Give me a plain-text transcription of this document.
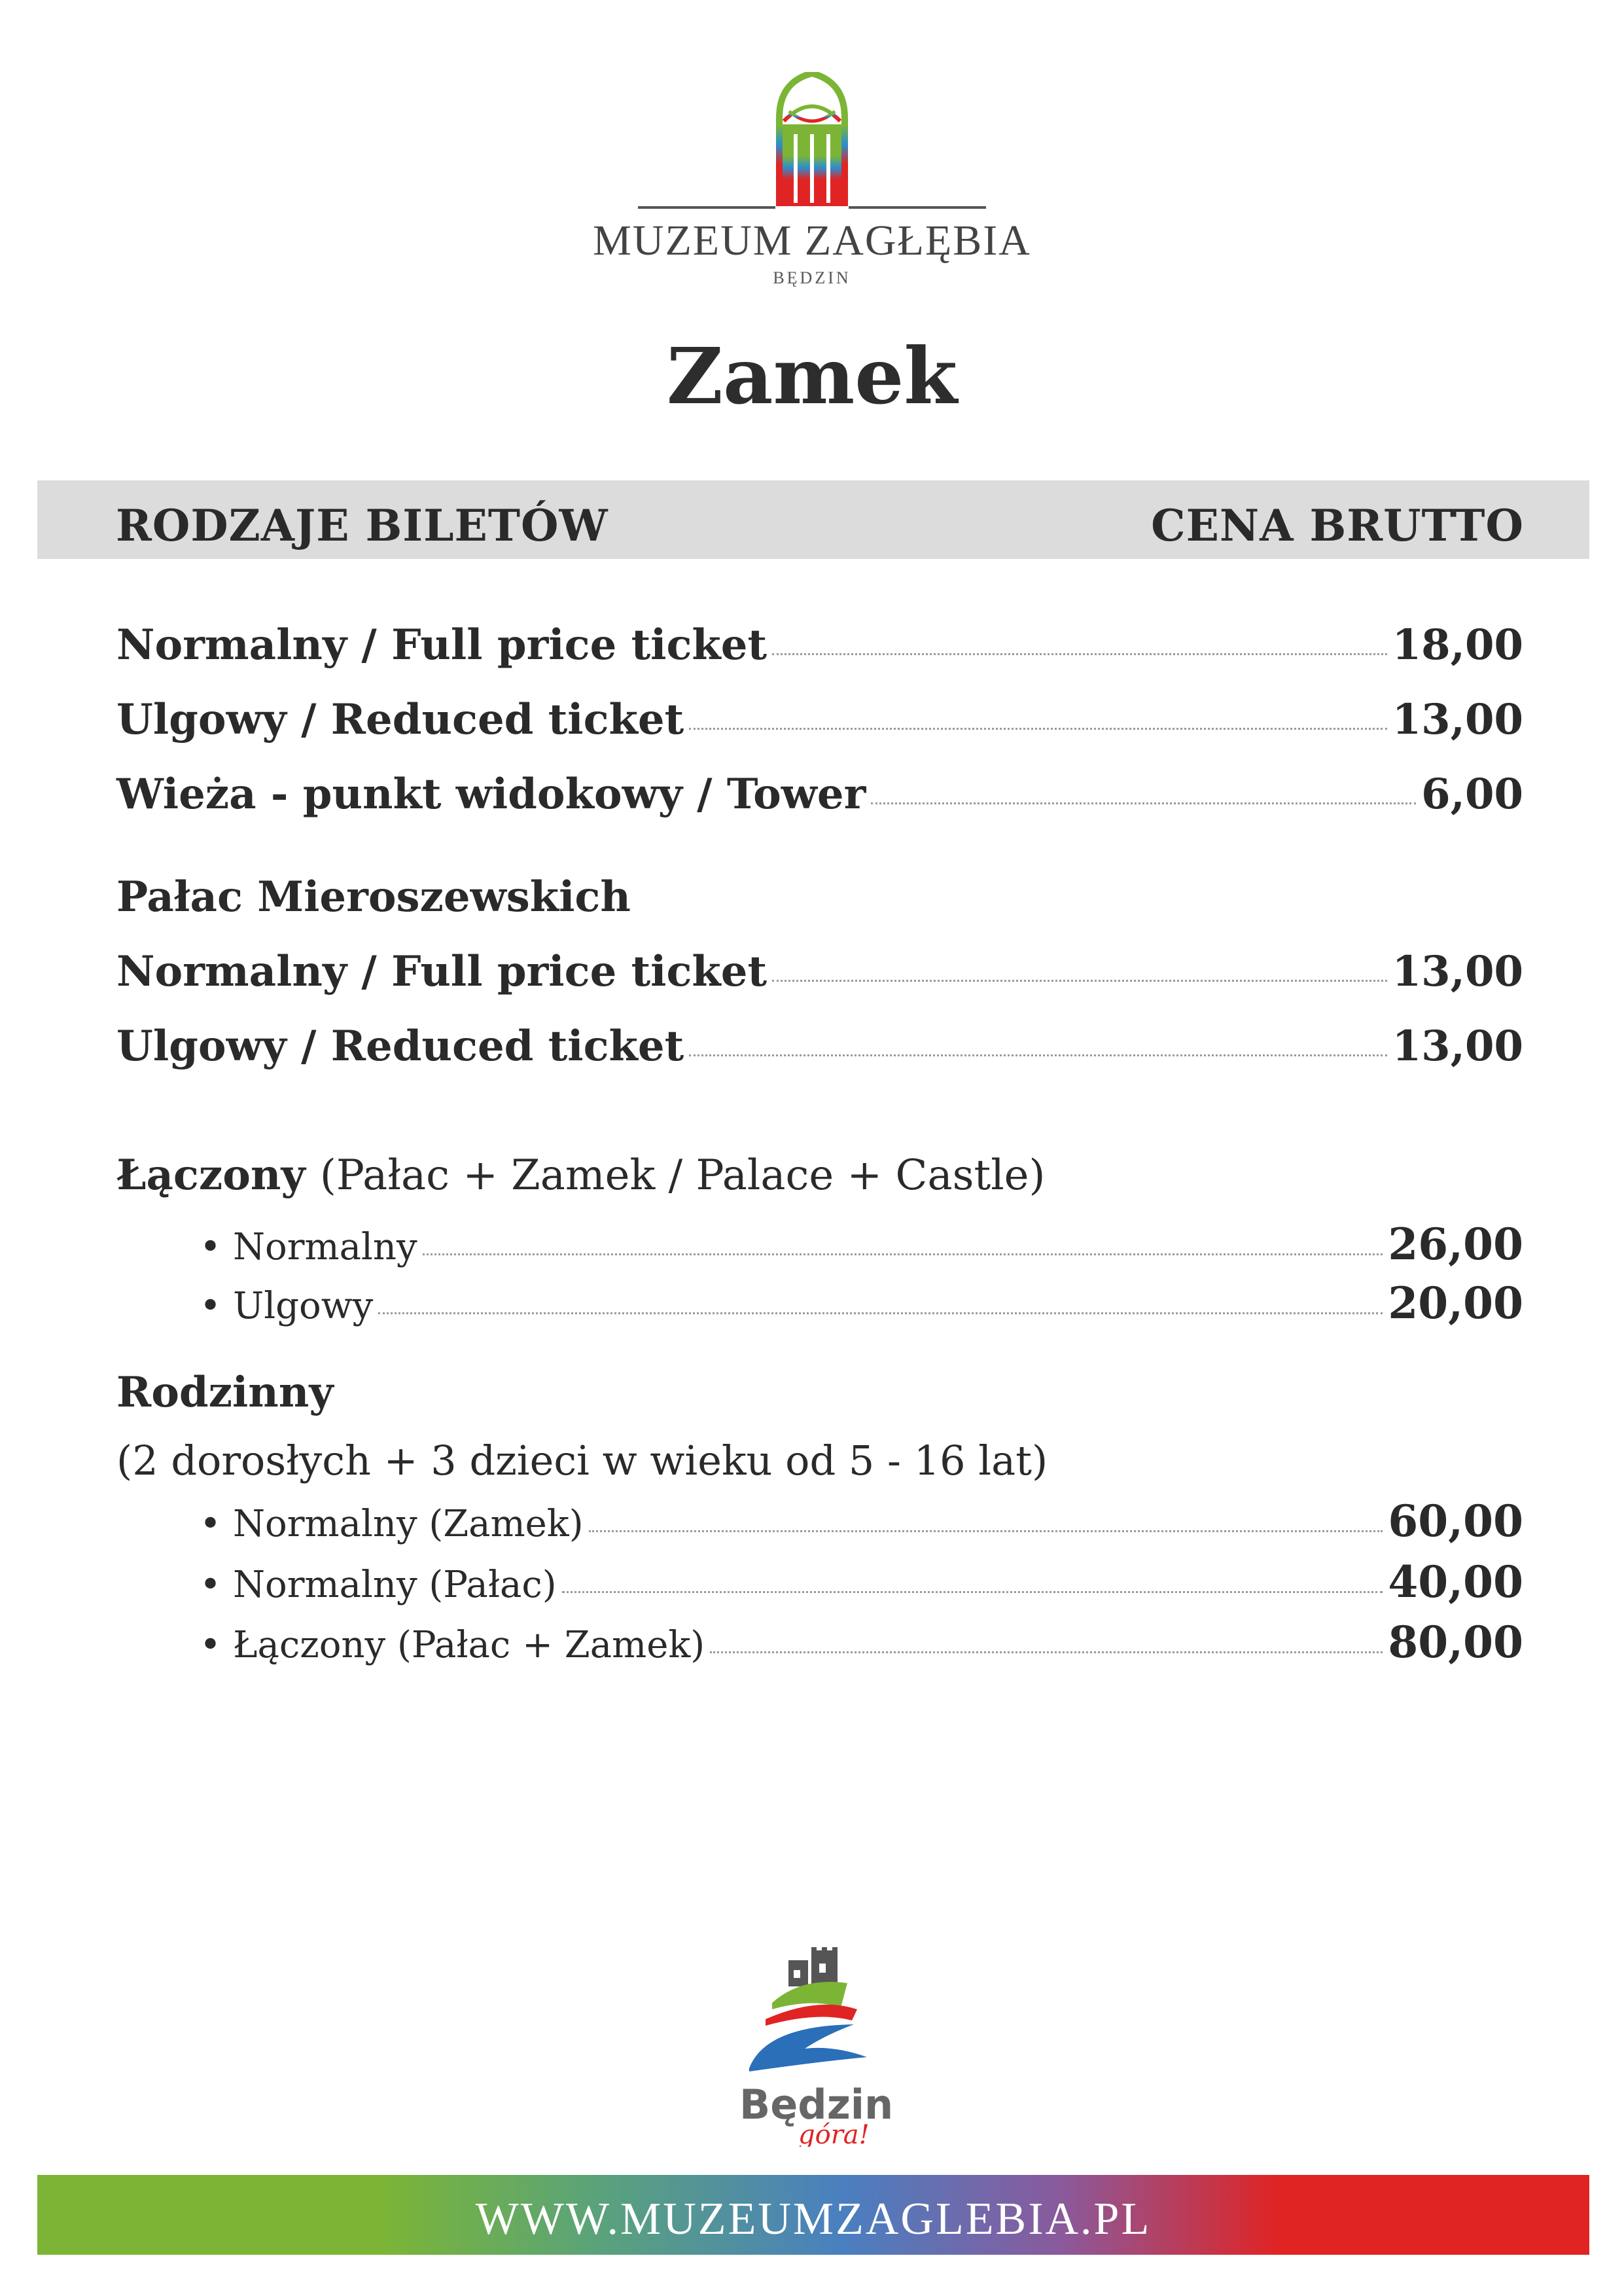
MUZEUM ZAGŁĘBIA
BĘDZIN
Zamek
RODZAJE BILETÓW	CENA BRUTTO
Normalny / Full price ticket	18,00
Ulgowy / Reduced ticket	13,00
Wieża - punkt widokowy / Tower	6,00
Pałac Mieroszewskich
Normalny / Full price ticket	13,00
Ulgowy / Reduced ticket	13,00
Łączony (Pałac + Zamek / Palace + Castle)
• Normalny	26,00
• Ulgowy	20,00
Rodzinny
(2 dorosłych + 3 dzieci w wieku od 5 - 16 lat)
• Normalny (Zamek)	60,00
• Normalny (Pałac)	40,00
• Łączony (Pałac + Zamek)	80,00
Będzin
góra!
WWW.MUZEUMZAGLEBIA.PL
